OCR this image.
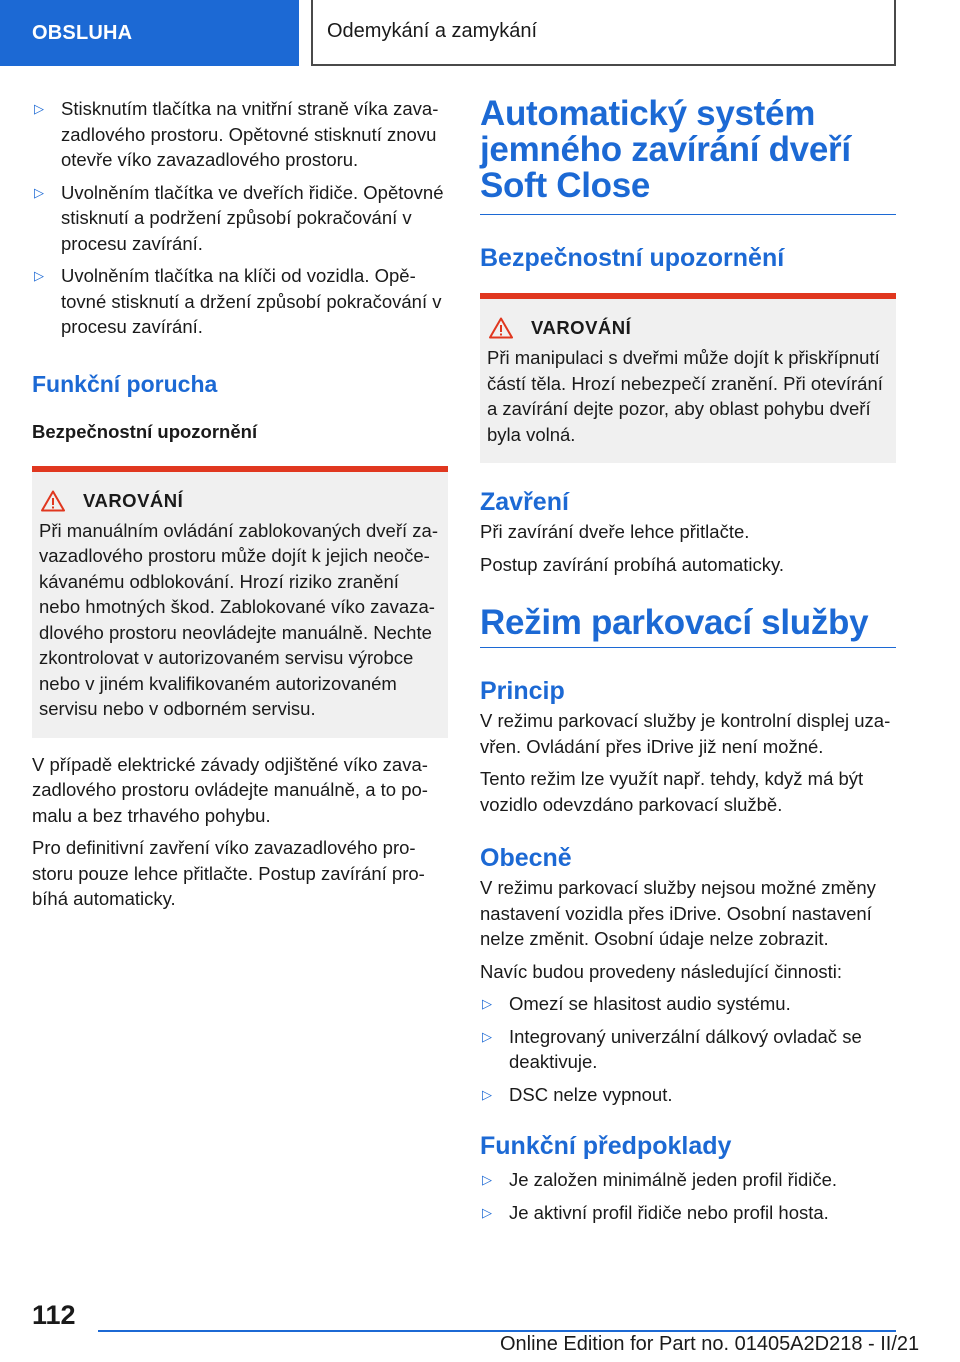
OBSLUHA	Odemykání a zamykání
▷ Stisknutím tlačítka na vnitřní straně víka zavazadlového prostoru. Opětovné stisknutí znovu otevře víko zavazadlového prostoru.
▷ Uvolněním tlačítka ve dveřích řidiče. Opětovné stisknutí a podržení způsobí pokračování v procesu zavírání.
▷ Uvolněním tlačítka na klíči od vozidla. Opětovné stisknutí a držení způsobí pokračování v procesu zavírání.
Funkční porucha
Bezpečnostní upozornění
VAROVÁNÍ
Při manuálním ovládání zablokovaných dveří zavazadlového prostoru může dojít k jejich neočekávanému odblokování. Hrozí riziko zranění nebo hmotných škod. Zablokované víko zavazadlového prostoru neovládejte manuálně. Nechte zkontrolovat v autorizovaném servisu výrobce nebo v jiném kvalifikovaném autorizovaném servisu nebo v odborném servisu.

V případě elektrické závady odjištěné víko zavazadlového prostoru ovládejte manuálně, a to pomalu a bez trhavého pohybu.

Pro definitivní zavření víko zavazadlového prostoru pouze lehce přitlačte. Postup zavírání probíhá automaticky.

Automatický systém jemného zavírání dveří Soft Close
Bezpečnostní upozornění
VAROVÁNÍ
Při manipulaci s dveřmi může dojít k přiskřípnutí částí těla. Hrozí nebezpečí zranění. Při otevírání a zavírání dejte pozor, aby oblast pohybu dveří byla volná.
Zavření

Při zavírání dveře lehce přitlačte.

Postup zavírání probíhá automaticky.

Režim parkovací služby
Princip

V režimu parkovací služby je kontrolní displej uzavřen. Ovládání přes iDrive již není možné.

Tento režim lze využít např. tehdy, když má být vozidlo odevzdáno parkovací službě.

Obecně

V režimu parkovací služby nejsou možné změny nastavení vozidla přes iDrive. Osobní nastavení nelze změnit. Osobní údaje nelze zobrazit.

Navíc budou provedeny následující činnosti:

▷ Omezí se hlasitost audio systému.
▷ Integrovaný univerzální dálkový ovladač se deaktivuje.
▷ DSC nelze vypnout.
Funkční předpoklady
▷ Je založen minimálně jeden profil řidiče.
▷ Je aktivní profil řidiče nebo profil hosta.
112
Online Edition for Part no. 01405A2D218 - II/21
